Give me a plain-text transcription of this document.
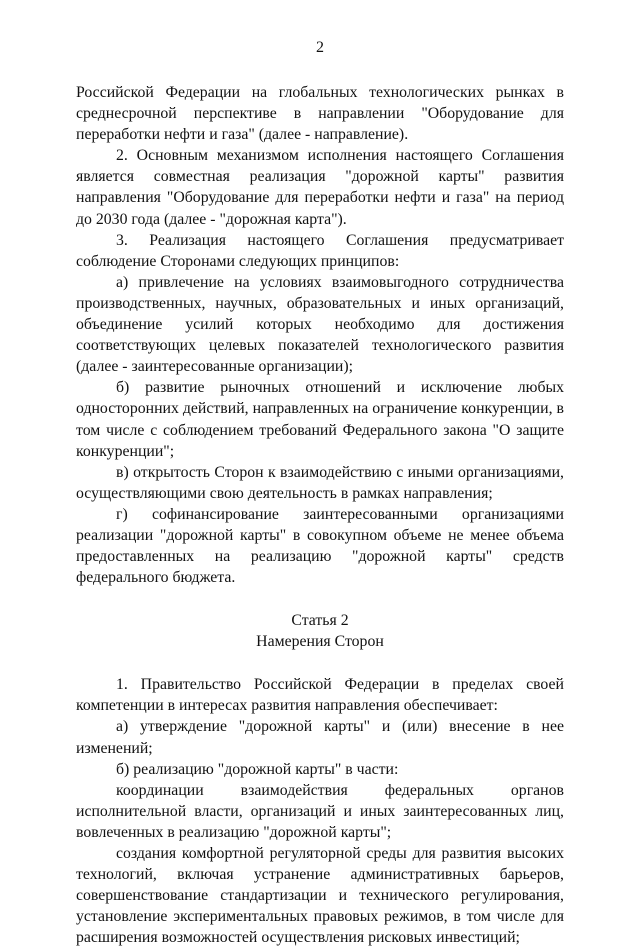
2

Российской Федерации на глобальных технологических рынках в среднесрочной перспективе в направлении "Оборудование для переработки нефти и газа" (далее - направление).

2. Основным механизмом исполнения настоящего Соглашения является совместная реализация "дорожной карты" развития направления "Оборудование для переработки нефти и газа" на период до 2030 года (далее - "дорожная карта").

3. Реализация настоящего Соглашения предусматривает соблюдение Сторонами следующих принципов:

а) привлечение на условиях взаимовыгодного сотрудничества производственных, научных, образовательных и иных организаций, объединение усилий которых необходимо для достижения соответствующих целевых показателей технологического развития (далее - заинтересованные организации);

б) развитие рыночных отношений и исключение любых односторонних действий, направленных на ограничение конкуренции, в том числе с соблюдением требований Федерального закона "О защите конкуренции";

в) открытость Сторон к взаимодействию с иными организациями, осуществляющими свою деятельность в рамках направления;

г) софинансирование заинтересованными организациями реализации "дорожной карты" в совокупном объеме не менее объема предоставленных на реализацию "дорожной карты" средств федерального бюджета.

Статья 2
Намерения Сторон

1. Правительство Российской Федерации в пределах своей компетенции в интересах развития направления обеспечивает:

а) утверждение "дорожной карты" и (или) внесение в нее изменений;

б) реализацию "дорожной карты" в части:

координации взаимодействия федеральных органов исполнительной власти, организаций и иных заинтересованных лиц, вовлеченных в реализацию "дорожной карты";

создания комфортной регуляторной среды для развития высоких технологий, включая устранение административных барьеров, совершенствование стандартизации и технического регулирования, установление экспериментальных правовых режимов, в том числе для расширения возможностей осуществления рисковых инвестиций;
